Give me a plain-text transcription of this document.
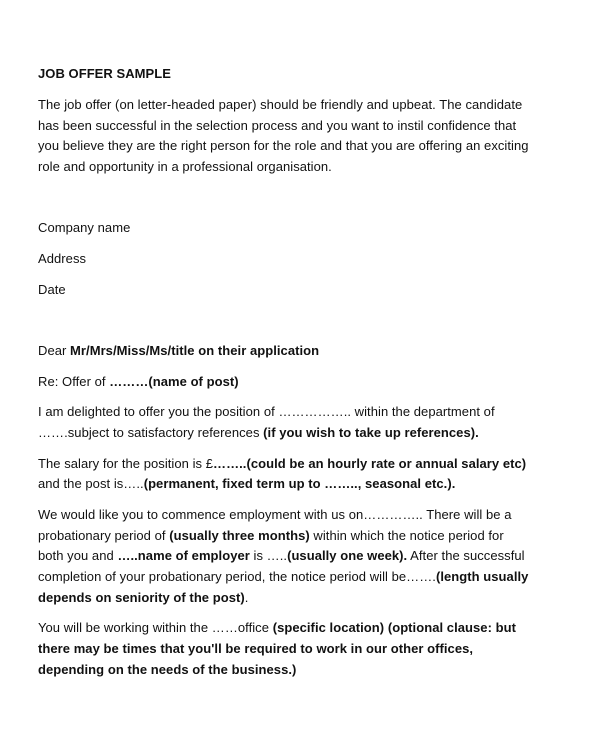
JOB OFFER SAMPLE
The job offer (on letter-headed paper) should be friendly and upbeat. The candidate
has been successful in the selection process and you want to instil confidence that
you believe they are the right person for the role and that you are offering an exciting
role and opportunity in a professional organisation.
Company name
Address
Date
Dear Mr/Mrs/Miss/Ms/title on their application
Re: Offer of ………(name of post)
I am delighted to offer you the position of …………….. within the department of
…….subject to satisfactory references (if you wish to take up references).
The salary for the position is £……..(could be an hourly rate or annual salary etc)
and the post is…..(permanent, fixed term up to …….., seasonal etc.).
We would like you to commence employment with us on………….. There will be a
probationary period of (usually three months) within which the notice period for
both you and …..name of employer is …..(usually one week). After the successful
completion of your probationary period, the notice period will be…….(length usually
depends on seniority of the post).
You will be working within the ……office (specific location) (optional clause: but
there may be times that you'll be required to work in our other offices,
depending on the needs of the business.)
